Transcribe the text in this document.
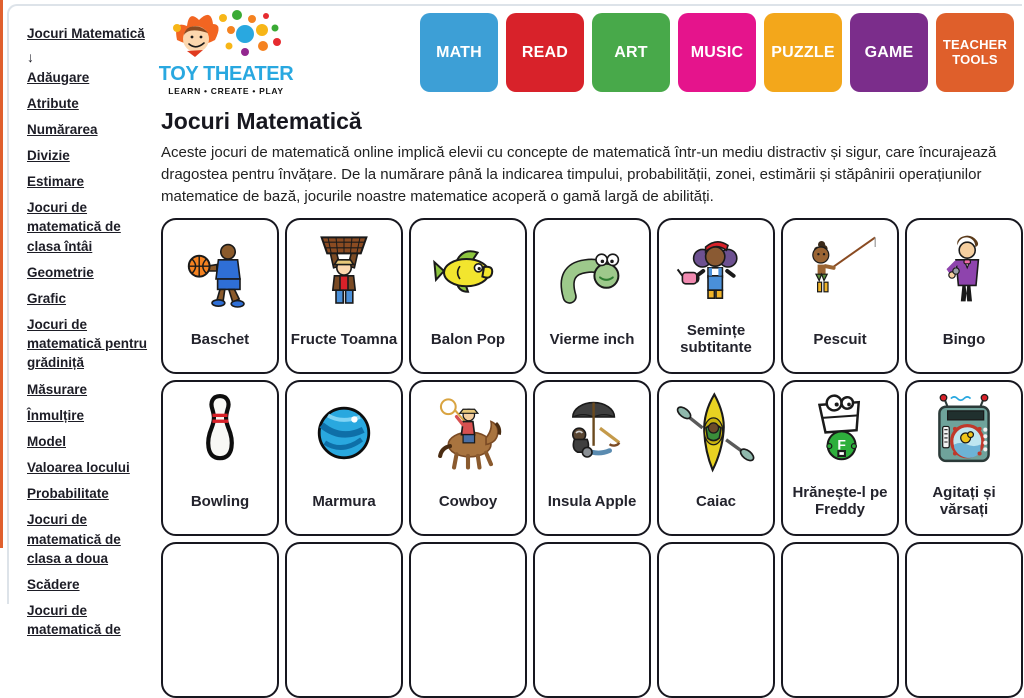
Jocuri Matematică
↓
Adăugare
Atribute
Numărarea
Divizie
Estimare
Jocuri de matematică de clasa întâi
Geometrie
Grafic
Jocuri de matematică pentru grădiniță
Măsurare
Înmulțire
Model
Valoarea locului
Probabilitate
Jocuri de matematică de clasa a doua
Scădere
Jocuri de matematică de
TOY THEATER
LEARN • CREATE • PLAY
MATH	READ	ART	MUSIC	PUZZLE	GAME	TEACHER TOOLS
Jocuri Matematică

Aceste jocuri de matematică online implică elevii cu concepte de matematică într-un mediu distractiv și sigur, care încurajează dragostea pentru învățare. De la numărare până la indicarea timpului, probabilității, zonei, estimării și stăpânirii operațiunilor matematice de bază, jocurile noastre matematice acoperă o gamă largă de abilități.

Baschet	Fructe Toamna Balon Pop	Vierme inch
Semințe subtitante
Pescuit	Bingo
Bowling	Marmura	Cowboy	Insula Apple	Caiac
F
Hrănește-l pe Freddy
Agitați și vărsați
